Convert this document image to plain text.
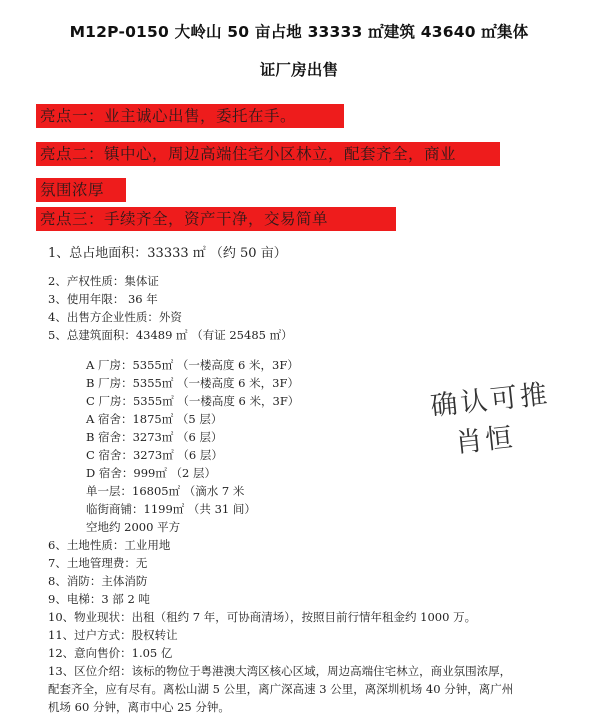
M12P-0150 大岭山 50 亩占地 33333 ㎡建筑 43640 ㎡集体
证厂房出售
亮点一：业主诚心出售，委托在手。
亮点二：镇中心，周边高端住宅小区林立，配套齐全，商业
氛围浓厚
亮点三：手续齐全，资产干净，交易简单
1、总占地面积：33333 ㎡ （约 50 亩）
2、产权性质：集体证
3、使用年限： 36 年
4、出售方企业性质：外资
5、总建筑面积：43489 ㎡ （有证 25485 ㎡）
A 厂房：5355㎡ （一楼高度 6 米，3F）
B 厂房：5355㎡ （一楼高度 6 米，3F）
C 厂房：5355㎡ （一楼高度 6 米，3F）
A 宿舍：1875㎡ （5 层）
B 宿舍：3273㎡ （6 层）
C 宿舍：3273㎡ （6 层）
D 宿舍：999㎡ （2 层）
单一层：16805㎡ （滴水 7 米
临街商铺：1199㎡ （共 31 间）
空地约 2000 平方
6、土地性质：工业用地
7、土地管理费：无
8、消防：主体消防
9、电梯：3 部 2 吨
10、物业现状：出租（租约 7 年，可协商清场），按照目前行情年租金约 1000 万。
11、过户方式：股权转让
12、意向售价：1.05 亿
13、区位介绍：该标的物位于粤港澳大湾区核心区域，周边高端住宅林立，商业氛围浓厚，
配套齐全，应有尽有。离松山湖 5 公里，离广深高速 3 公里，离深圳机场 40 分钟，离广州
机场 60 分钟，离市中心 25 分钟。
确认可推
肖恒
